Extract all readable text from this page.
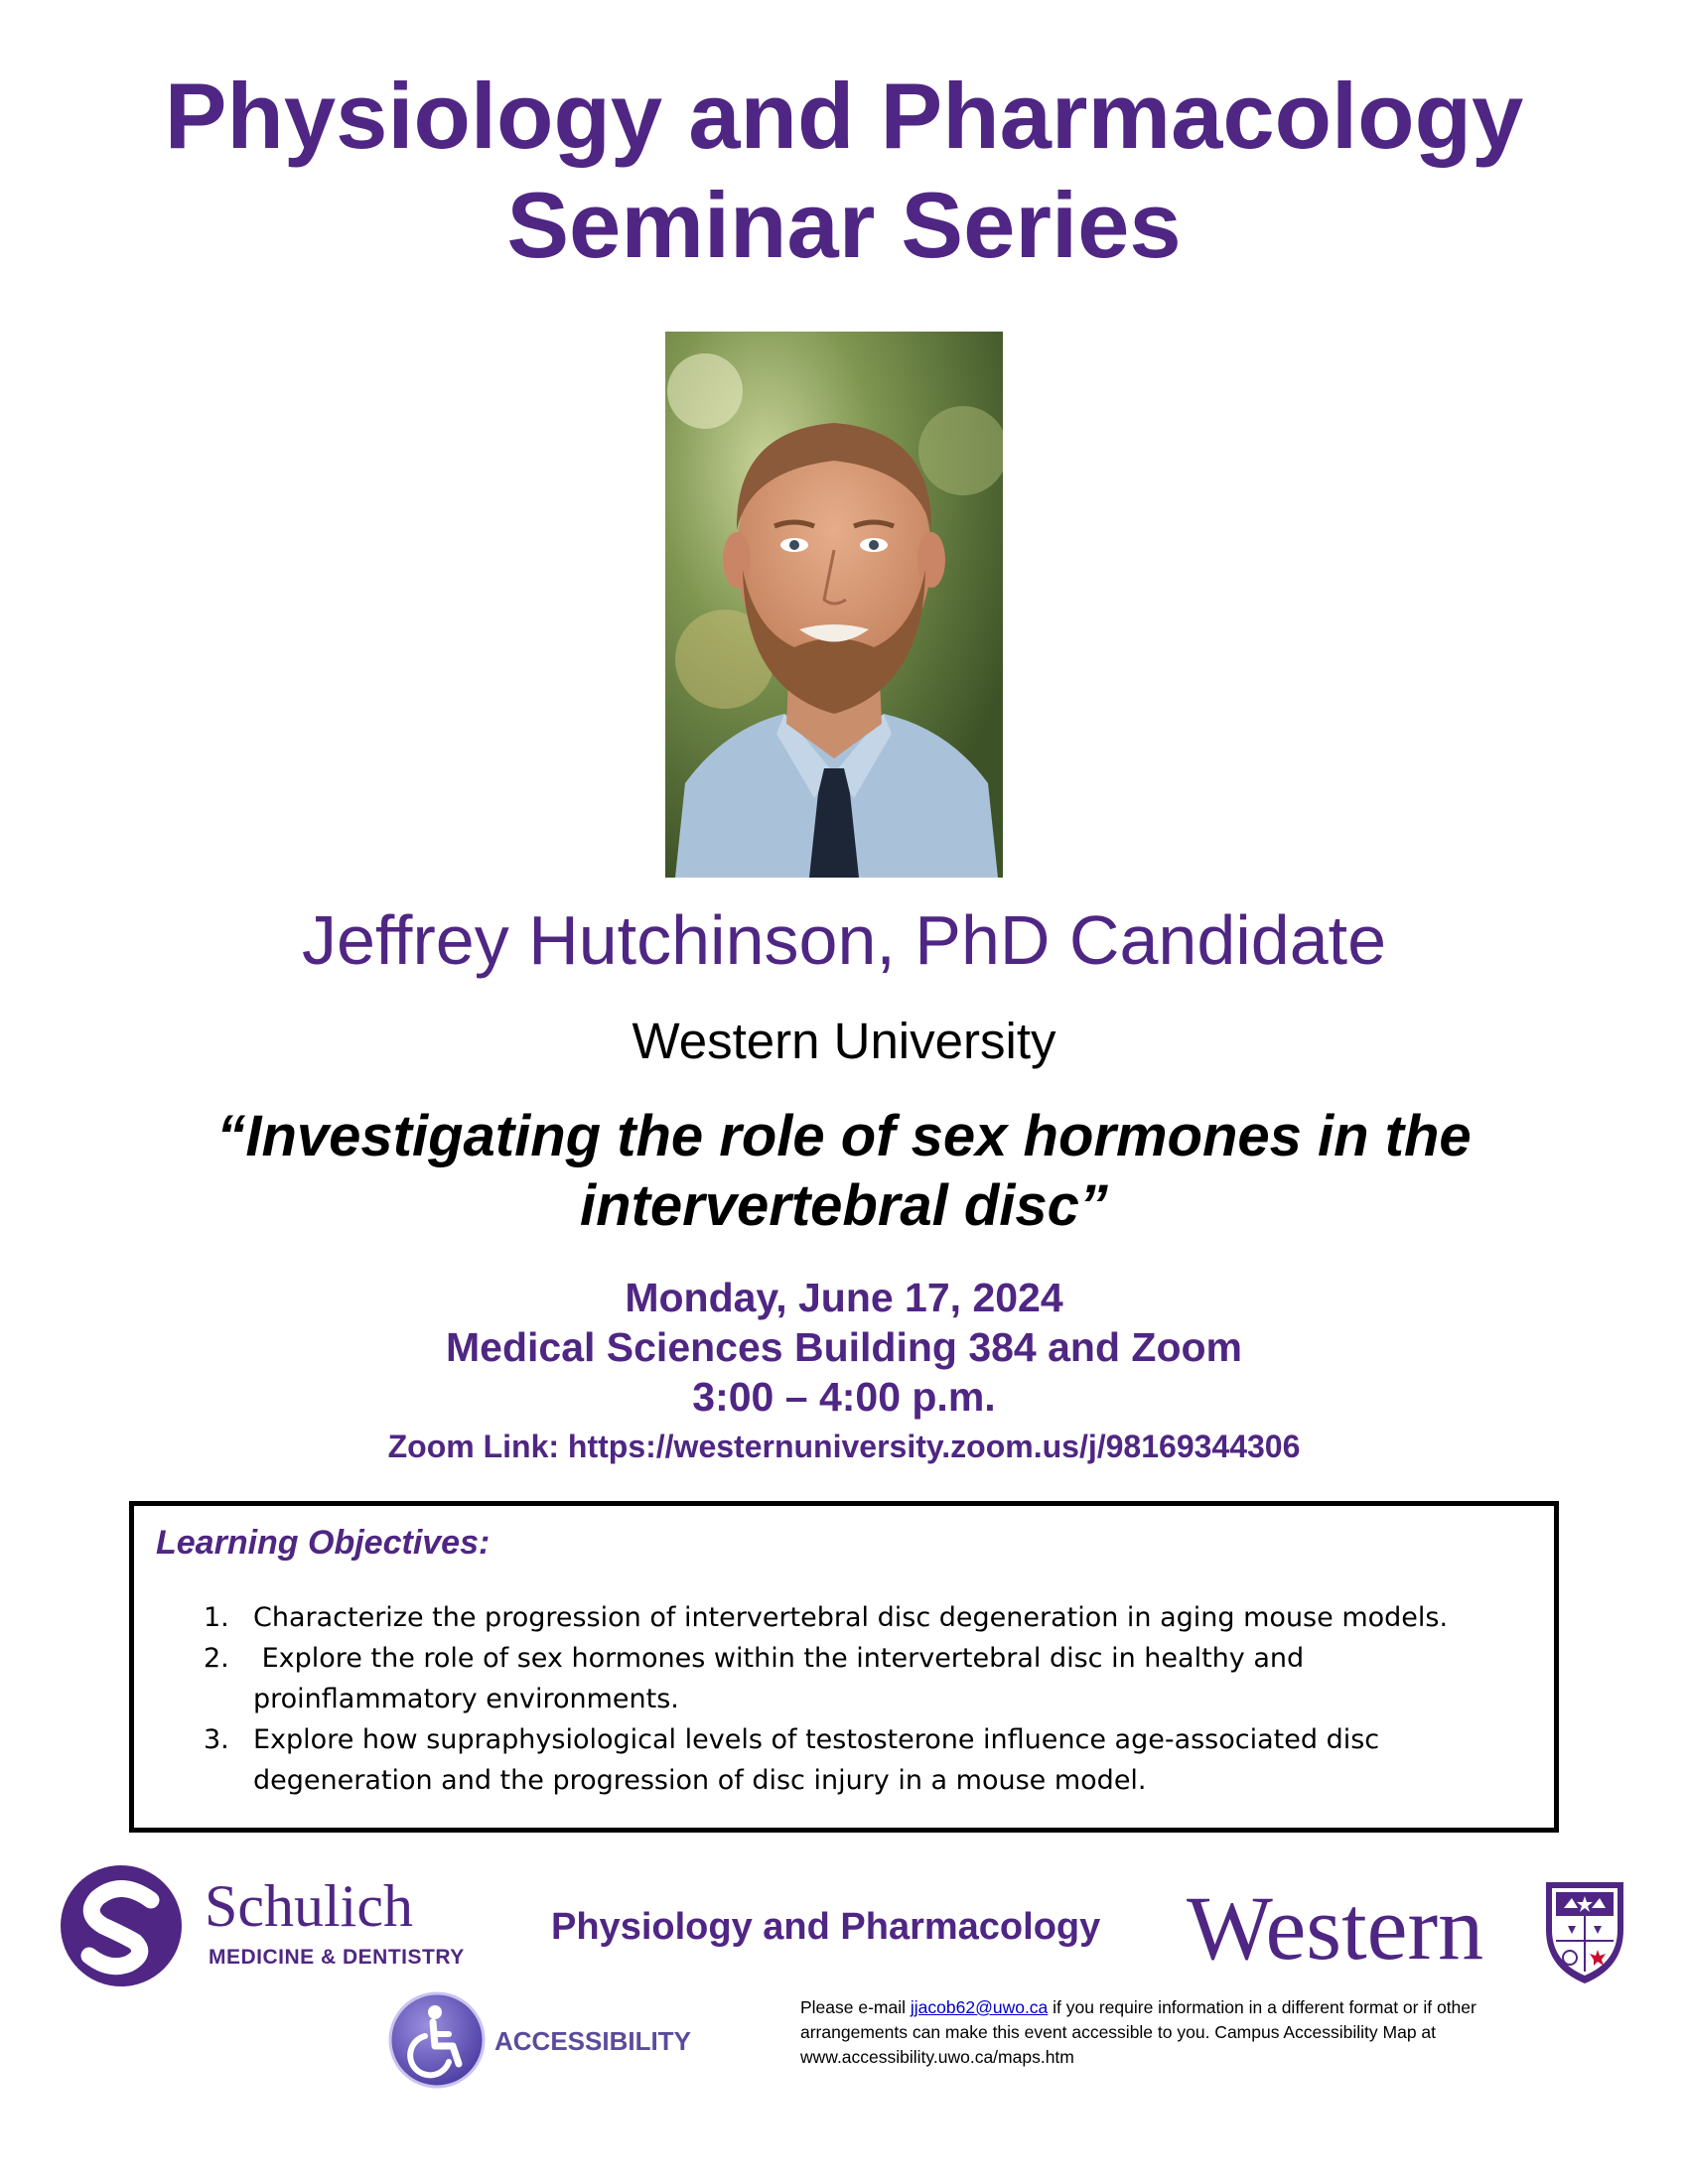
Physiology and Pharmacology
Seminar Series
Jeffrey Hutchinson, PhD Candidate
Western University
“Investigating the role of sex hormones in the
intervertebral disc”
Monday, June 17, 2024
Medical Sciences Building 384 and Zoom
3:00 – 4:00 p.m.
Zoom Link: https://westernuniversity.zoom.us/j/98169344306
Learning Objectives:
1. Characterize the progression of intervertebral disc degeneration in aging mouse models.
2. Explore the role of sex hormones within the intervertebral disc in healthy and proinflammatory environments.
3. Explore how supraphysiological levels of testosterone influence age-associated disc degeneration and the progression of disc injury in a mouse model.
Schulich
MEDICINE & DENTISTRY
Physiology and Pharmacology Western
ACCESSIBILITY
Please e-mail jjacob62@uwo.ca if you require information in a different format or if other arrangements can make this event accessible to you. Campus Accessibility Map at www.accessibility.uwo.ca/maps.htm
